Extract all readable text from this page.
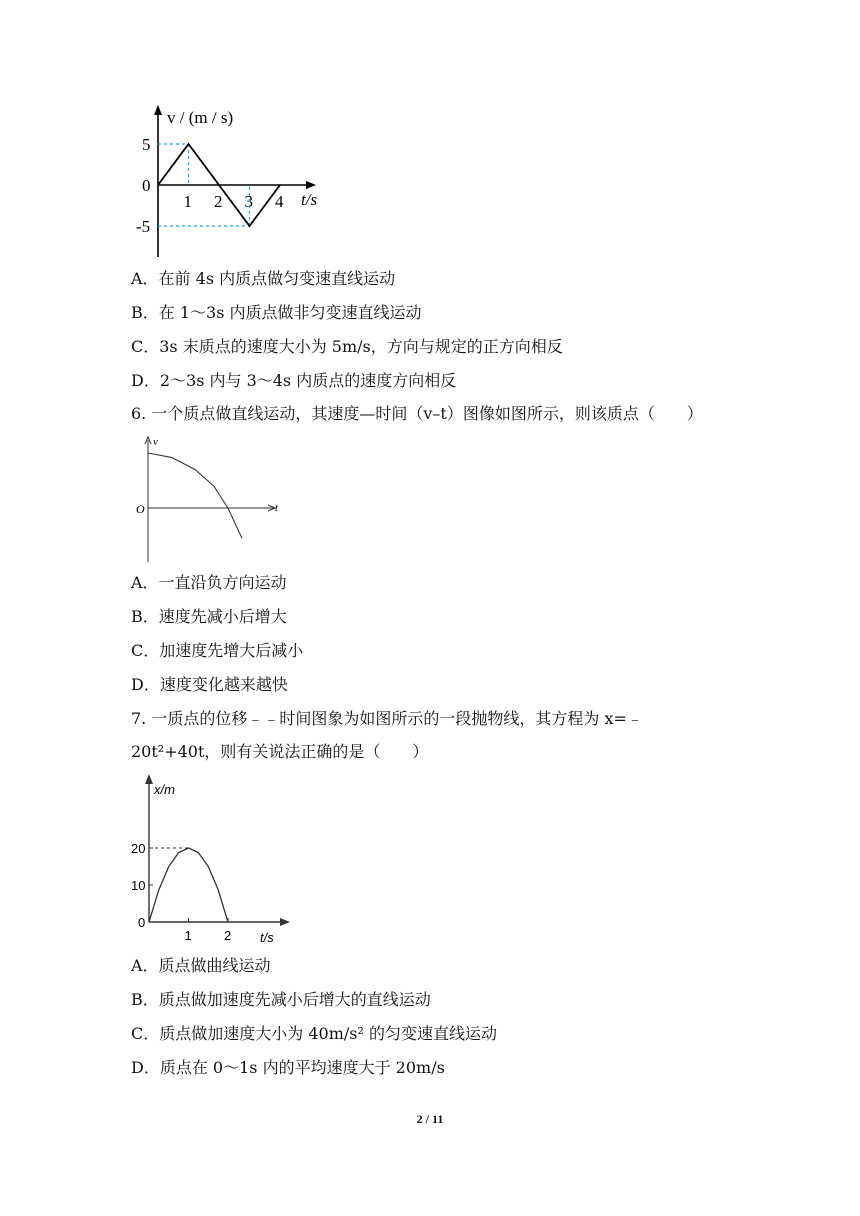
v / (m / s)
t/s
5
0
-5
1 2 3 4
A．在前 4s 内质点做匀变速直线运动
B．在 1～3s 内质点做非匀变速直线运动
C．3s 末质点的速度大小为 5m/s，方向与规定的正方向相反
D．2～3s 内与 3～4s 内质点的速度方向相反
6. 一个质点做直线运动，其速度—时间（v–t）图像如图所示，则该质点（　　）
v
t
O
A．一直沿负方向运动
B．速度先减小后增大
C．加速度先增大后减小
D．速度变化越来越快
7. 一质点的位移﹣﹣时间图象为如图所示的一段抛物线，其方程为 x=﹣
20t²+40t，则有关说法正确的是（　　）
x/m
t/s
0
10
20
1 2
A．质点做曲线运动
B．质点做加速度先减小后增大的直线运动
C．质点做加速度大小为 40m/s² 的匀变速直线运动
D．质点在 0～1s 内的平均速度大于 20m/s
2 / 11
